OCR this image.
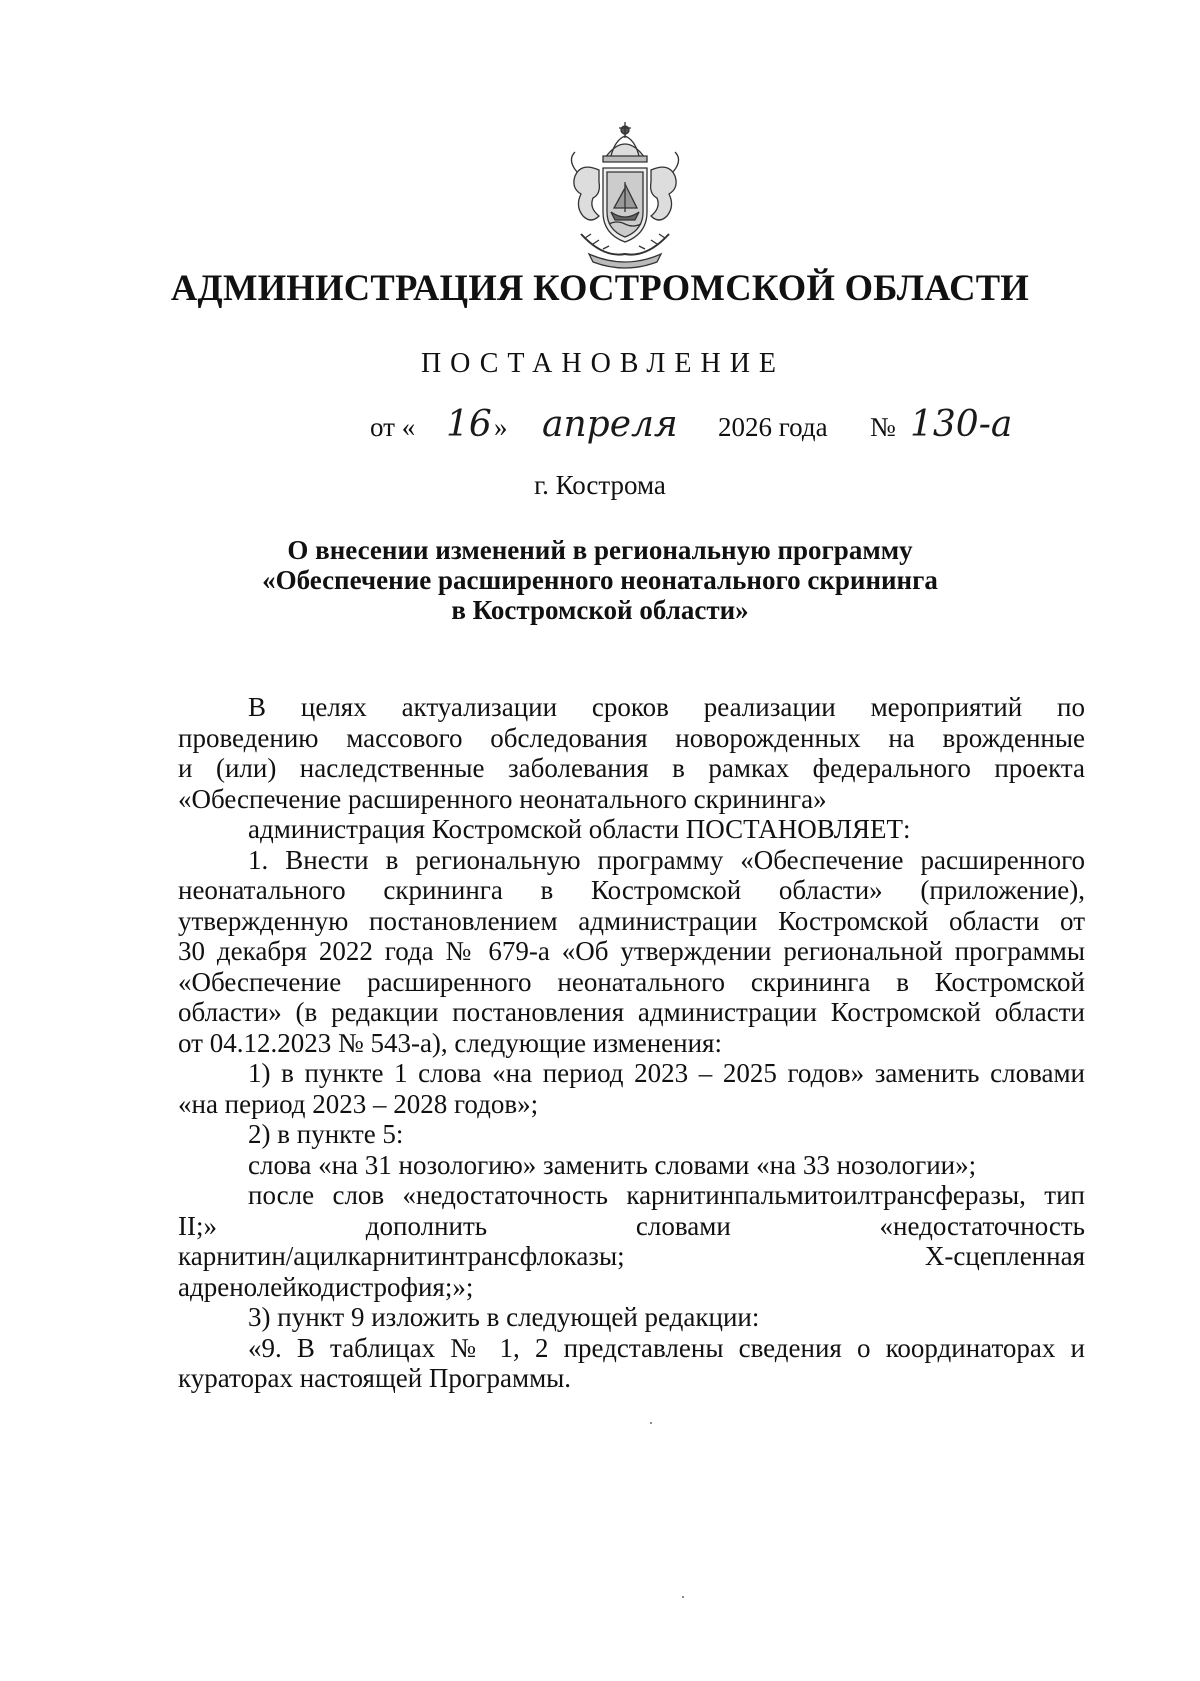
АДМИНИСТРАЦИЯ КОСТРОМСКОЙ ОБЛАСТИ
ПОСТАНОВЛЕНИЕ
от « 16 » апреля 2026 года № 130-а
г. Кострома
О внесении изменений в региональную программу
«Обеспечение расширенного неонатального скрининга
в Костромской области»

В целях актуализации сроков реализации мероприятий по

проведению массового обследования новорожденных на врожденные

и (или) наследственные заболевания в рамках федерального проекта

«Обеспечение расширенного неонатального скрининга»

администрация Костромской области ПОСТАНОВЛЯЕТ:

1. Внести в региональную программу «Обеспечение расширенного

неонатального скрининга в Костромской области» (приложение),

утвержденную постановлением администрации Костромской области от

30 декабря 2022 года № 679-а «Об утверждении региональной программы

«Обеспечение расширенного неонатального скрининга в Костромской

области» (в редакции постановления администрации Костромской области

от 04.12.2023 № 543-а), следующие изменения:

1) в пункте 1 слова «на период 2023 – 2025 годов» заменить словами

«на период 2023 – 2028 годов»;

2) в пункте 5:

слова «на 31 нозологию» заменить словами «на 33 нозологии»;

после слов «недостаточность карнитинпальмитоилтрансферазы, тип

II;» дополнить словами «недостаточность

карнитин/ацилкарнитинтрансфлоказы; Х-сцепленная

адренолейкодистрофия;»;

3) пункт 9 изложить в следующей редакции:

«9. В таблицах № 1, 2 представлены сведения о координаторах и

кураторах настоящей Программы.
